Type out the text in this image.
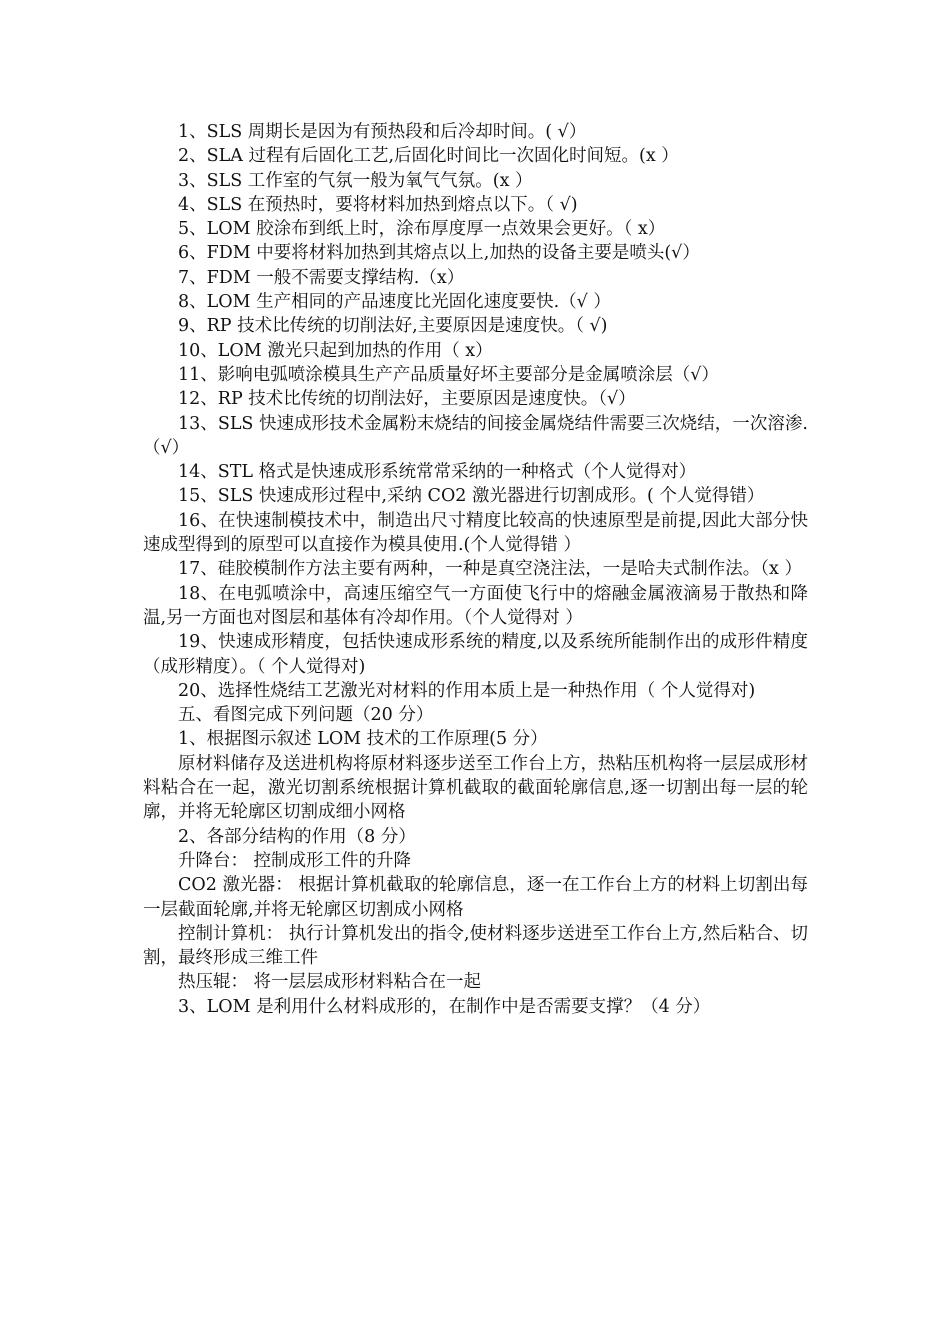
1、SLS 周期长是因为有预热段和后冷却时间。( √）

2、SLA 过程有后固化工艺,后固化时间比一次固化时间短。(x ）

3、SLS 工作室的气氛一般为氧气气氛。(x ）

4、SLS 在预热时，要将材料加热到熔点以下。（ √)

5、LOM 胶涂布到纸上时，涂布厚度厚一点效果会更好。（ x）

6、FDM 中要将材料加热到其熔点以上,加热的设备主要是喷头(√）

7、FDM 一般不需要支撑结构.（x）

8、LOM 生产相同的产品速度比光固化速度要快.（√ ）

9、RP 技术比传统的切削法好,主要原因是速度快。（ √)

10、LOM 激光只起到加热的作用（ x）

11、影响电弧喷涂模具生产产品质量好坏主要部分是金属喷涂层（√）

12、RP 技术比传统的切削法好，主要原因是速度快。（√）

13、SLS 快速成形技术金属粉末烧结的间接金属烧结件需要三次烧结，一次溶渗.（√）

14、STL 格式是快速成形系统常常采纳的一种格式（个人觉得对）

15、SLS 快速成形过程中,采纳 CO2 激光器进行切割成形。( 个人觉得错）

16、在快速制模技术中，制造出尺寸精度比较高的快速原型是前提,因此大部分快速成型得到的原型可以直接作为模具使用.(个人觉得错 ）

17、硅胶模制作方法主要有两种，一种是真空浇注法，一是哈夫式制作法。（x ）

18、在电弧喷涂中，高速压缩空气一方面使飞行中的熔融金属液滴易于散热和降温,另一方面也对图层和基体有冷却作用。（个人觉得对 ）

19、快速成形精度，包括快速成形系统的精度,以及系统所能制作出的成形件精度（成形精度）。（ 个人觉得对)

20、选择性烧结工艺激光对材料的作用本质上是一种热作用（ 个人觉得对)

五、看图完成下列问题（20 分）

1、根据图示叙述 LOM 技术的工作原理(5 分）

原材料储存及送进机构将原材料逐步送至工作台上方，热粘压机构将一层层成形材料粘合在一起，激光切割系统根据计算机截取的截面轮廓信息,逐一切割出每一层的轮廓，并将无轮廓区切割成细小网格

2、各部分结构的作用（8 分）

升降台： 控制成形工件的升降

CO2 激光器： 根据计算机截取的轮廓信息，逐一在工作台上方的材料上切割出每一层截面轮廓,并将无轮廓区切割成小网格

控制计算机： 执行计算机发出的指令,使材料逐步送进至工作台上方,然后粘合、切割，最终形成三维工件

热压辊： 将一层层成形材料粘合在一起

3、LOM 是利用什么材料成形的，在制作中是否需要支撑？（4 分）
